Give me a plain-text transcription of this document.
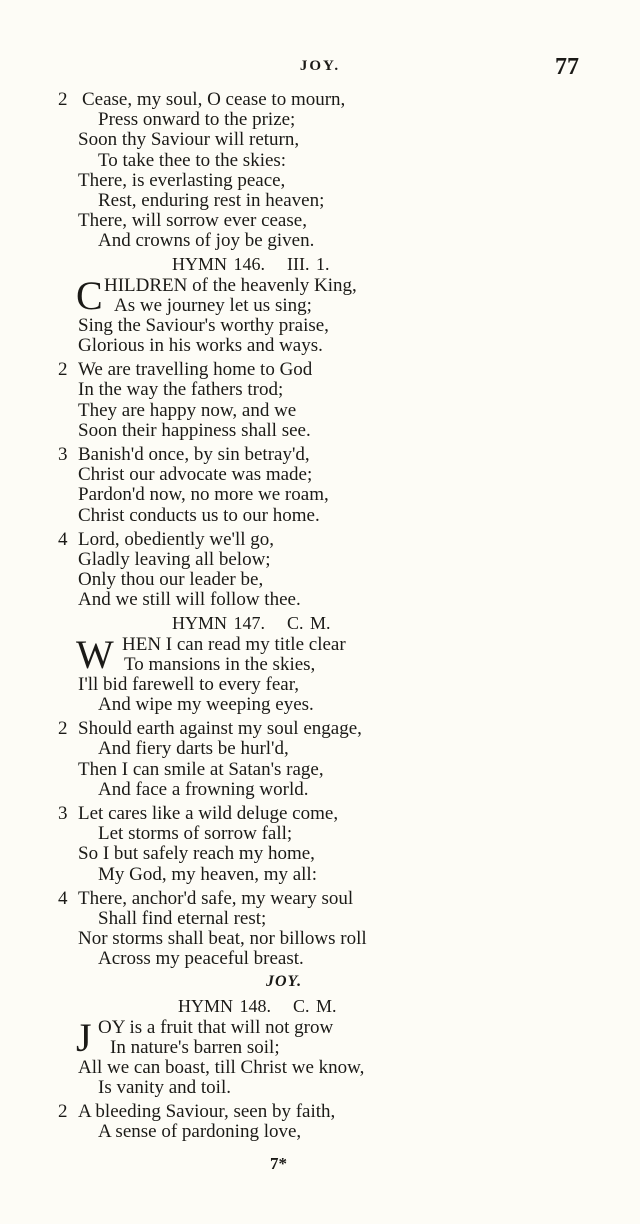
JOY.	77
2 Cease, my soul, O cease to mourn,
Press onward to the prize;
Soon thy Saviour will return,
To take thee to the skies:
There, is everlasting peace,
Rest, enduring rest in heaven;
There, will sorrow ever cease,
And crowns of joy be given.
HYMN 146. III. 1.
C HILDREN of the heavenly King,
As we journey let us sing;
Sing the Saviour's worthy praise,
Glorious in his works and ways.
2 We are travelling home to God
In the way the fathers trod;
They are happy now, and we
Soon their happiness shall see.
3 Banish'd once, by sin betray'd,
Christ our advocate was made;
Pardon'd now, no more we roam,
Christ conducts us to our home.
4 Lord, obediently we'll go,
Gladly leaving all below;
Only thou our leader be,
And we still will follow thee.
HYMN 147. C. M.
W HEN I can read my title clear
To mansions in the skies,
I'll bid farewell to every fear,
And wipe my weeping eyes.
2 Should earth against my soul engage,
And fiery darts be hurl'd,
Then I can smile at Satan's rage,
And face a frowning world.
3 Let cares like a wild deluge come,
Let storms of sorrow fall;
So I but safely reach my home,
My God, my heaven, my all:
4 There, anchor'd safe, my weary soul
Shall find eternal rest;
Nor storms shall beat, nor billows roll
Across my peaceful breast.
JOY.
HYMN 148. C. M.
J OY is a fruit that will not grow
In nature's barren soil;
All we can boast, till Christ we know,
Is vanity and toil.
2 A bleeding Saviour, seen by faith,
A sense of pardoning love,
7*
